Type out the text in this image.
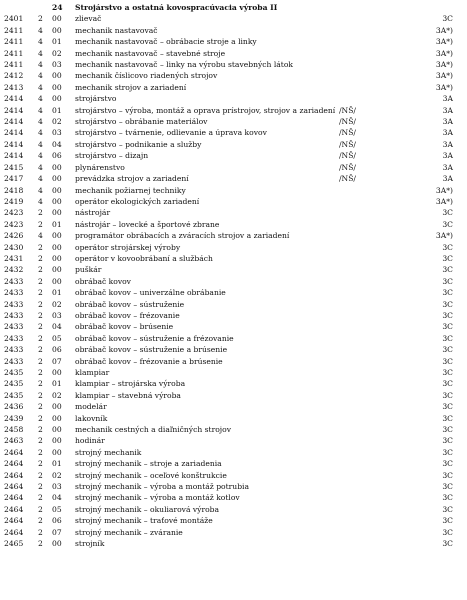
24 Strojárstvo a ostatná kovospracúvacia výroba II
2401 2 00 zlievač	3C
2411 4 00 mechanik nastavovač	3A*)
2411 4 01 mechanik nastavovač – obrábacie stroje a linky	3A*)
2411 4 02 mechanik nastavovač – stavebné stroje	3A*)
2411 4 03 mechanik nastavovač – linky na výrobu stavebných látok	3A*)
2412 4 00 mechanik číslicovo riadených strojov	3A*)
2413 4 00 mechanik strojov a zariadení	3A*)
2414 4 00 strojárstvo	3A
2414 4 01 strojárstvo – výroba, montáž a oprava prístrojov, strojov a zariadení /NŠ/	3A
2414 4 02 strojárstvo – obrábanie materiálov	/NŠ/	3A
2414 4 03 strojárstvo – tvárnenie, odlievanie a úprava kovov	/NŠ/	3A
2414 4 04 strojárstvo – podnikanie a služby	/NŠ/	3A
2414 4 06 strojárstvo – dizajn	/NŠ/	3A
2415 4 00 plynárenstvo	/NŠ/	3A
2417 4 00 prevádzka strojov a zariadení	/NŠ/	3A
2418 4 00 mechanik požiarnej techniky	3A*)
2419 4 00 operátor ekologických zariadení	3A*)
2423 2 00 nástrojár	3C
2423 2 01 nástrojár – lovecké a športové zbrane	3C
2426 4 00 programátor obrábacích a zváracích strojov a zariadení	3A*)
2430 2 00 operátor strojárskej výroby	3C
2431 2 00 operátor v kovoobrábaní a službách	3C
2432 2 00 puškár	3C
2433 2 00 obrábač kovov	3C
2433 2 01 obrábač kovov – univerzálne obrábanie	3C
2433 2 02 obrábač kovov – sústruženie	3C
2433 2 03 obrábač kovov – frézovanie	3C
2433 2 04 obrábač kovov – brúsenie	3C
2433 2 05 obrábač kovov – sústruženie a frézovanie	3C
2433 2 06 obrábač kovov – sústruženie a brúsenie	3C
2433 2 07 obrábač kovov – frézovanie a brúsenie	3C
2435 2 00 klampiar	3C
2435 2 01 klampiar – strojárska výroba	3C
2435 2 02 klampiar – stavebná výroba	3C
2436 2 00 modelár	3C
2439 2 00 lakovník	3C
2458 2 00 mechanik cestných a diaľničných strojov	3C
2463 2 00 hodinár	3C
2464 2 00 strojný mechanik	3C
2464 2 01 strojný mechanik – stroje a zariadenia	3C
2464 2 02 strojný mechanik – oceľové konštrukcie	3C
2464 2 03 strojný mechanik – výroba a montáž potrubia	3C
2464 2 04 strojný mechanik – výroba a montáž kotlov	3C
2464 2 05 strojný mechanik – okuliarová výroba	3C
2464 2 06 strojný mechanik – traťové montáže	3C
2464 2 07 strojný mechanik – zváranie	3C
2465 2 00 strojník	3C
